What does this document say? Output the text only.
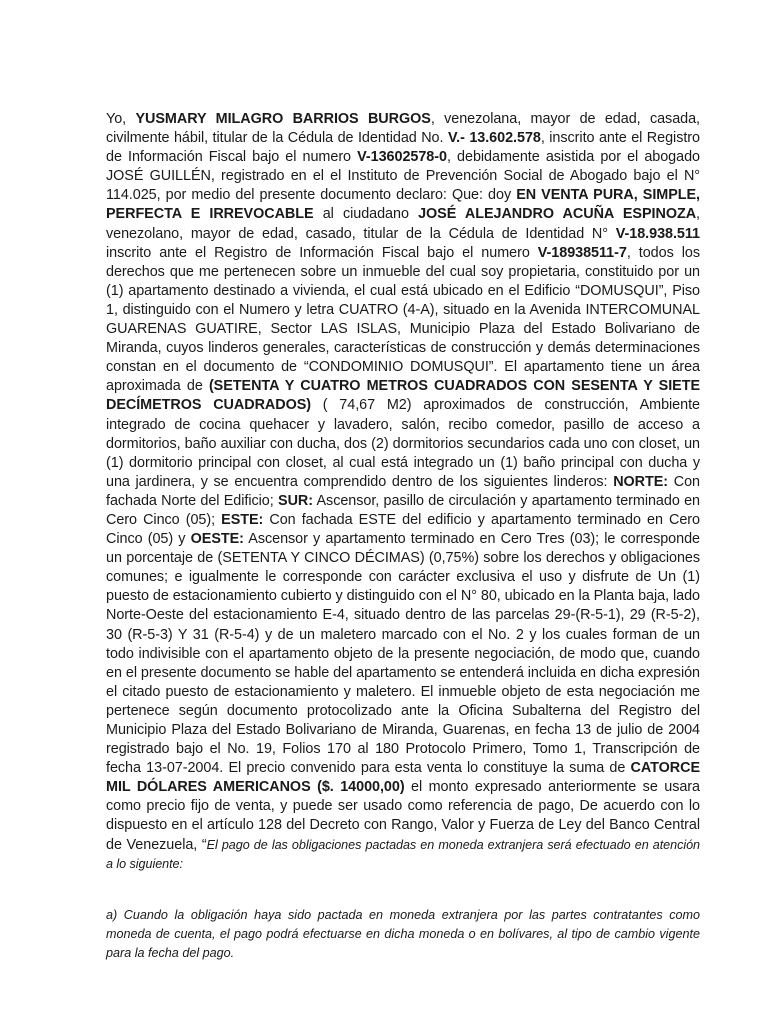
Yo, YUSMARY MILAGRO BARRIOS BURGOS, venezolana, mayor de edad, casada, civilmente hábil, titular de la Cédula de Identidad No. V.- 13.602.578, inscrito ante el Registro de Información Fiscal bajo el numero V-13602578-0, debidamente asistida por el abogado JOSÉ GUILLÉN, registrado en el el Instituto de Prevención Social de Abogado bajo el N° 114.025, por medio del presente documento declaro: Que: doy EN VENTA PURA, SIMPLE, PERFECTA E IRREVOCABLE al ciudadano JOSÉ ALEJANDRO ACUÑA ESPINOZA, venezolano, mayor de edad, casado, titular de la Cédula de Identidad N° V-18.938.511 inscrito ante el Registro de Información Fiscal bajo el numero V-18938511-7, todos los derechos que me pertenecen sobre un inmueble del cual soy propietaria, constituido por un (1) apartamento destinado a vivienda, el cual está ubicado en el Edificio “DOMUSQUI”, Piso 1, distinguido con el Numero y letra CUATRO (4-A), situado en la Avenida INTERCOMUNAL GUARENAS GUATIRE, Sector LAS ISLAS, Municipio Plaza del Estado Bolivariano de Miranda, cuyos linderos generales, características de construcción y demás determinaciones constan en el documento de “CONDOMINIO DOMUSQUI”. El apartamento tiene un área aproximada de (SETENTA Y CUATRO METROS CUADRADOS CON SESENTA Y SIETE DECÍMETROS CUADRADOS) ( 74,67 M2) aproximados de construcción, Ambiente integrado de cocina quehacer y lavadero, salón, recibo comedor, pasillo de acceso a dormitorios, baño auxiliar con ducha, dos (2) dormitorios secundarios cada uno con closet, un (1) dormitorio principal con closet, al cual está integrado un (1) baño principal con ducha y una jardinera, y se encuentra comprendido dentro de los siguientes linderos: NORTE: Con fachada Norte del Edificio; SUR: Ascensor, pasillo de circulación y apartamento terminado en Cero Cinco (05); ESTE: Con fachada ESTE del edificio y apartamento terminado en Cero Cinco (05) y OESTE: Ascensor y apartamento terminado en Cero Tres (03); le corresponde un porcentaje de (SETENTA Y CINCO DÉCIMAS) (0,75%) sobre los derechos y obligaciones comunes; e igualmente le corresponde con carácter exclusiva el uso y disfrute de Un (1) puesto de estacionamiento cubierto y distinguido con el N° 80, ubicado en la Planta baja, lado Norte-Oeste del estacionamiento E-4, situado dentro de las parcelas 29-(R-5-1), 29 (R-5-2), 30 (R-5-3) Y 31 (R-5-4) y de un maletero marcado con el No. 2 y los cuales forman de un todo indivisible con el apartamento objeto de la presente negociación, de modo que, cuando en el presente documento se hable del apartamento se entenderá incluida en dicha expresión el citado puesto de estacionamiento y maletero. El inmueble objeto de esta negociación me pertenece según documento protocolizado ante la Oficina Subalterna del Registro del Municipio Plaza del Estado Bolivariano de Miranda, Guarenas, en fecha 13 de julio de 2004 registrado bajo el No. 19, Folios 170 al 180 Protocolo Primero, Tomo 1, Transcripción de fecha 13-07-2004. El precio convenido para esta venta lo constituye la suma de CATORCE MIL DÓLARES AMERICANOS ($. 14000,00) el monto expresado anteriormente se usara como precio fijo de venta, y puede ser usado como referencia de pago, De acuerdo con lo dispuesto en el artículo 128 del Decreto con Rango, Valor y Fuerza de Ley del Banco Central de Venezuela, “El pago de las obligaciones pactadas en moneda extranjera será efectuado en atención a lo siguiente:
a) Cuando la obligación haya sido pactada en moneda extranjera por las partes contratantes como moneda de cuenta, el pago podrá efectuarse en dicha moneda o en bolívares, al tipo de cambio vigente para la fecha del pago.
